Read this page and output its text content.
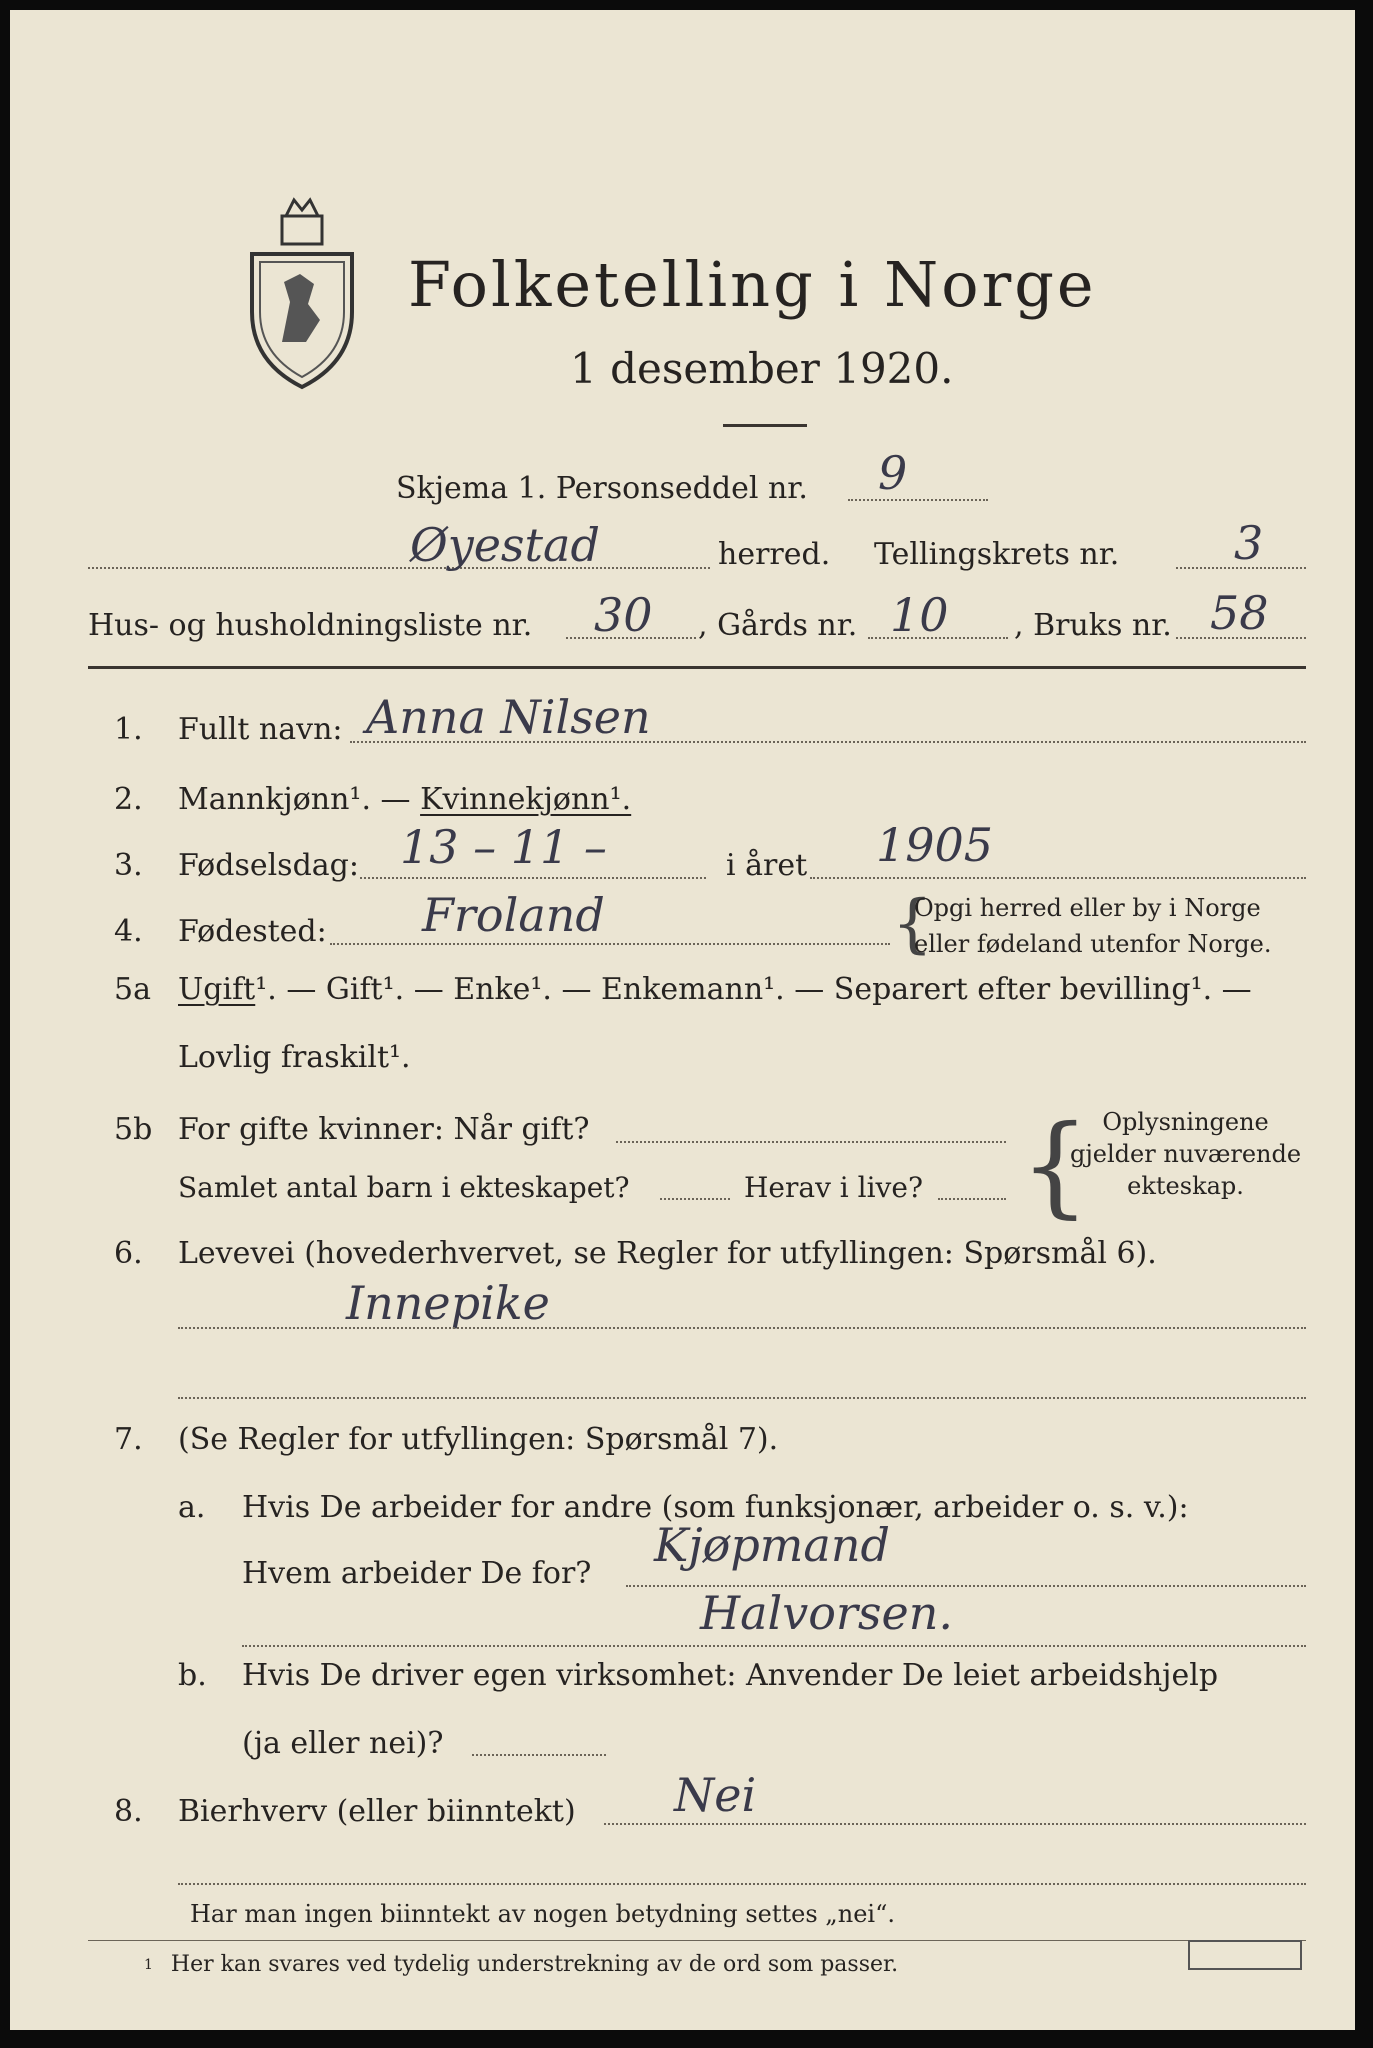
Folketelling i Norge
1 desember 1920.
Skjema 1. Personseddel nr. 9
Øyestad	herred. Tellingskrets nr. 3
Hus- og husholdningsliste nr. 30 , Gårds nr. 10 , Bruks nr. 58
1. Fullt navn: Anna Nilsen
2. Mannkjønn¹. — Kvinnekjønn¹.
3. Fødselsdag: 13 – 11 –	i året 1905
4. Fødested: Froland	{
Opgi herred eller by i Norge
eller fødeland utenfor Norge.
5a Ugift¹. — Gift¹. — Enke¹. — Enkemann¹. — Separert efter bevilling¹. —
Lovlig fraskilt¹.
5b For gifte kvinner: Når gift?
Samlet antal barn i ekteskapet?	Herav i live? { Oplysningene
gjelder nuværende
ekteskap.
6. Levevei (hovederhvervet, se Regler for utfyllingen: Spørsmål 6).
Innepike
7. (Se Regler for utfyllingen: Spørsmål 7).
a. Hvis De arbeider for andre (som funksjonær, arbeider o. s. v.):
Hvem arbeider De for?
Kjøpmand
Halvorsen.
b. Hvis De driver egen virksomhet: Anvender De leiet arbeidshjelp
(ja eller nei)?
8. Bierhverv (eller biinntekt) Nei
Har man ingen biinntekt av nogen betydning settes „nei“.
$^1$ Her kan svares ved tydelig understrekning av de ord som passer.
